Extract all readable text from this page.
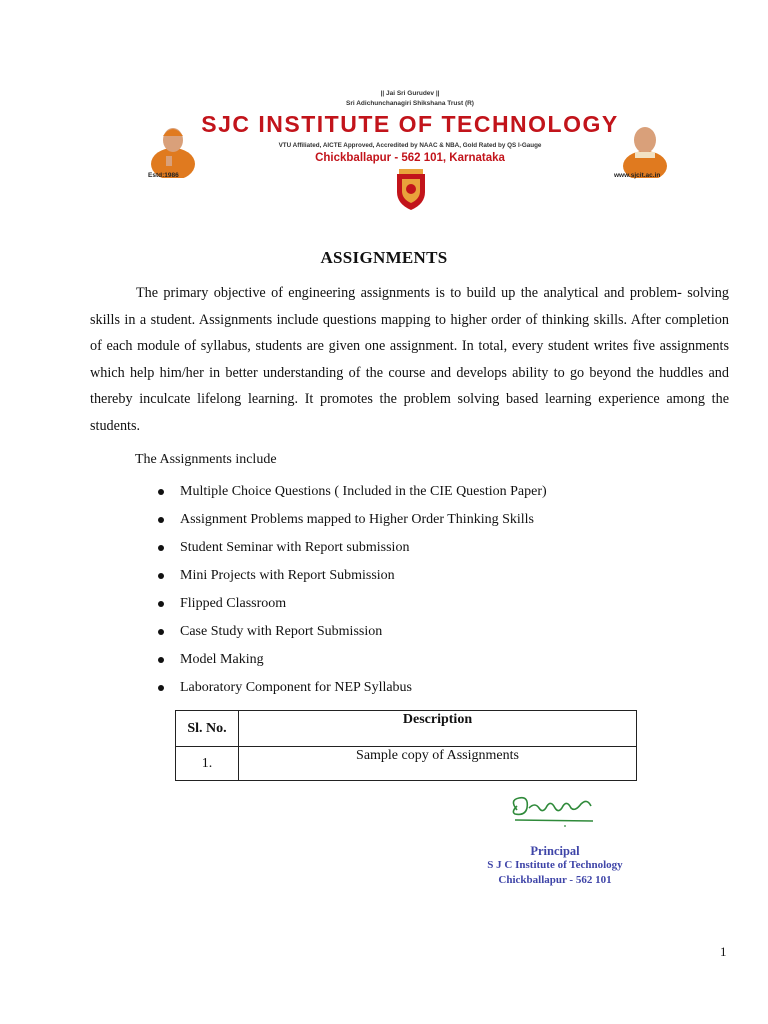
|| Jai Sri Gurudev ||
Sri Adichunchanagiri Shikshana Trust (R)
SJC INSTITUTE OF TECHNOLOGY
VTU Affiliated, AICTE Approved, Accredited by NAAC & NBA, Gold Rated by QS I-Gauge
Chickballapur - 562 101, Karnataka
Estd:1986	www.sjcit.ac.in
ASSIGNMENTS

The primary objective of engineering assignments is to build up the analytical and problem- solving skills in a student. Assignments include questions mapping to higher order of thinking skills. After completion of each module of syllabus, students are given one assignment. In total, every student writes five assignments which help him/her in better understanding of the course and develops ability to go beyond the huddles and thereby inculcate lifelong learning. It promotes the problem solving based learning experience among the students.

The Assignments include
Multiple Choice Questions ( Included in the CIE Question Paper)
Assignment Problems mapped to Higher Order Thinking Skills
Student Seminar with Report submission
Mini Projects with Report Submission
Flipped Classroom
Case Study with Report Submission
Model Making
Laboratory Component for NEP Syllabus
Sl. No.	Description
1.	Sample copy of Assignments
Principal
S J C Institute of Technology
Chickballapur - 562 101
1
